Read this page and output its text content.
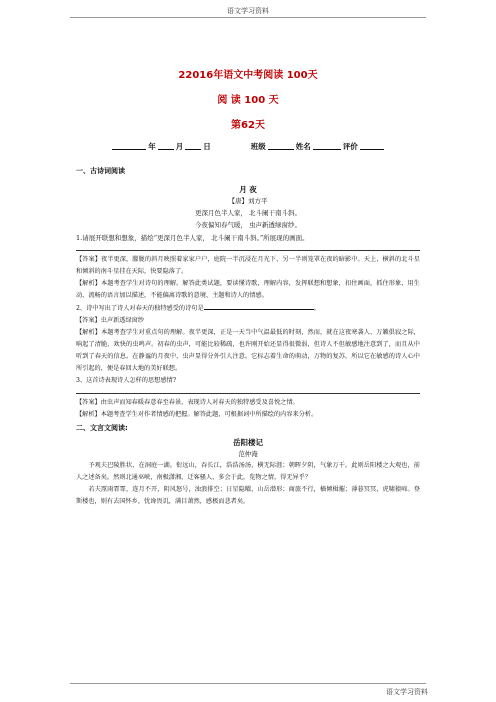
语文学习资料
22016年语文中考阅读 100天
阅 读 100 天
第62天
年	月	日	班级	姓名	评价
一、古诗词阅读
月 夜
【唐】刘方平
更深月色半人家， 北斗阑干南斗斜。
今夜偏知春气暖， 虫声新透绿窗纱。
1.请展开联想和想象，描绘“更深月色半人家， 北斗阑干南斗斜。”所展现的画面。
【答案】夜半更深，朦胧的斜月映照着家家户户，庭院一半沉浸在月光下，另一半则笼罩在夜的暗影中。天上，横斜的北斗星和倾斜的南斗星挂在天际，快要隐落了。
【解析】本题考查学生对诗句的理解。解答此类试题，要读懂诗歌，理解内容，发挥联想和想象，扣住画面，抓住形象，用生动、流畅的语言加以描述，不能偏离诗歌的意境、主题和诗人的情感。
2、诗中写出了诗人对春天的独特感受的诗句是	。
【答案】虫声新透绿窗纱
【解析】本题考查学生对重点句的理解。夜半更深，正是一天当中气温最低的时刻，然而，就在这夜寒袭人、万籁俱寂之际，响起了清脆、欢快的虫鸣声。初春的虫声，可能比较稀疏，也许刚开始还显得很微弱，但诗人不但敏感地注意到了，而且从中听到了春天的信息。在静谧的月夜中，虫声显得分外引人注意。它标志着生命的萌动，万物的复苏，所以它在敏感的诗人心中所引起的，便是春回大地的美好联想。
3、这首诗表现诗人怎样的思想感情?
【答案】由虫声而知春暖春意春至春景，表现诗人对春天的独特感受及喜悦之情。
【解析】本题考查学生对作者情感的把握。解答此题，可根据词中所描绘的内容来分析。
二、文言文阅读:
岳阳楼记
范仲淹
予观夫巴陵胜状，在洞庭一湖。衔远山，吞长江，浩浩汤汤，横无际涯；朝晖夕阴，气象万千。此则岳阳楼之大观也，前人之述备矣。然则北通巫峡，南极潇湘，迁客骚人，多会于此，览物之情，得无异乎？
若夫霪雨霏霏，连月不开，阴风怒号，浊浪排空；日星隐曜，山岳潜形；商旅不行，樯倾楫摧；薄暮冥冥，虎啸猿啼。登斯楼也，则有去国怀乡，忧谗畏讥，满目萧然，感极而悲者矣。
语文学习资料
